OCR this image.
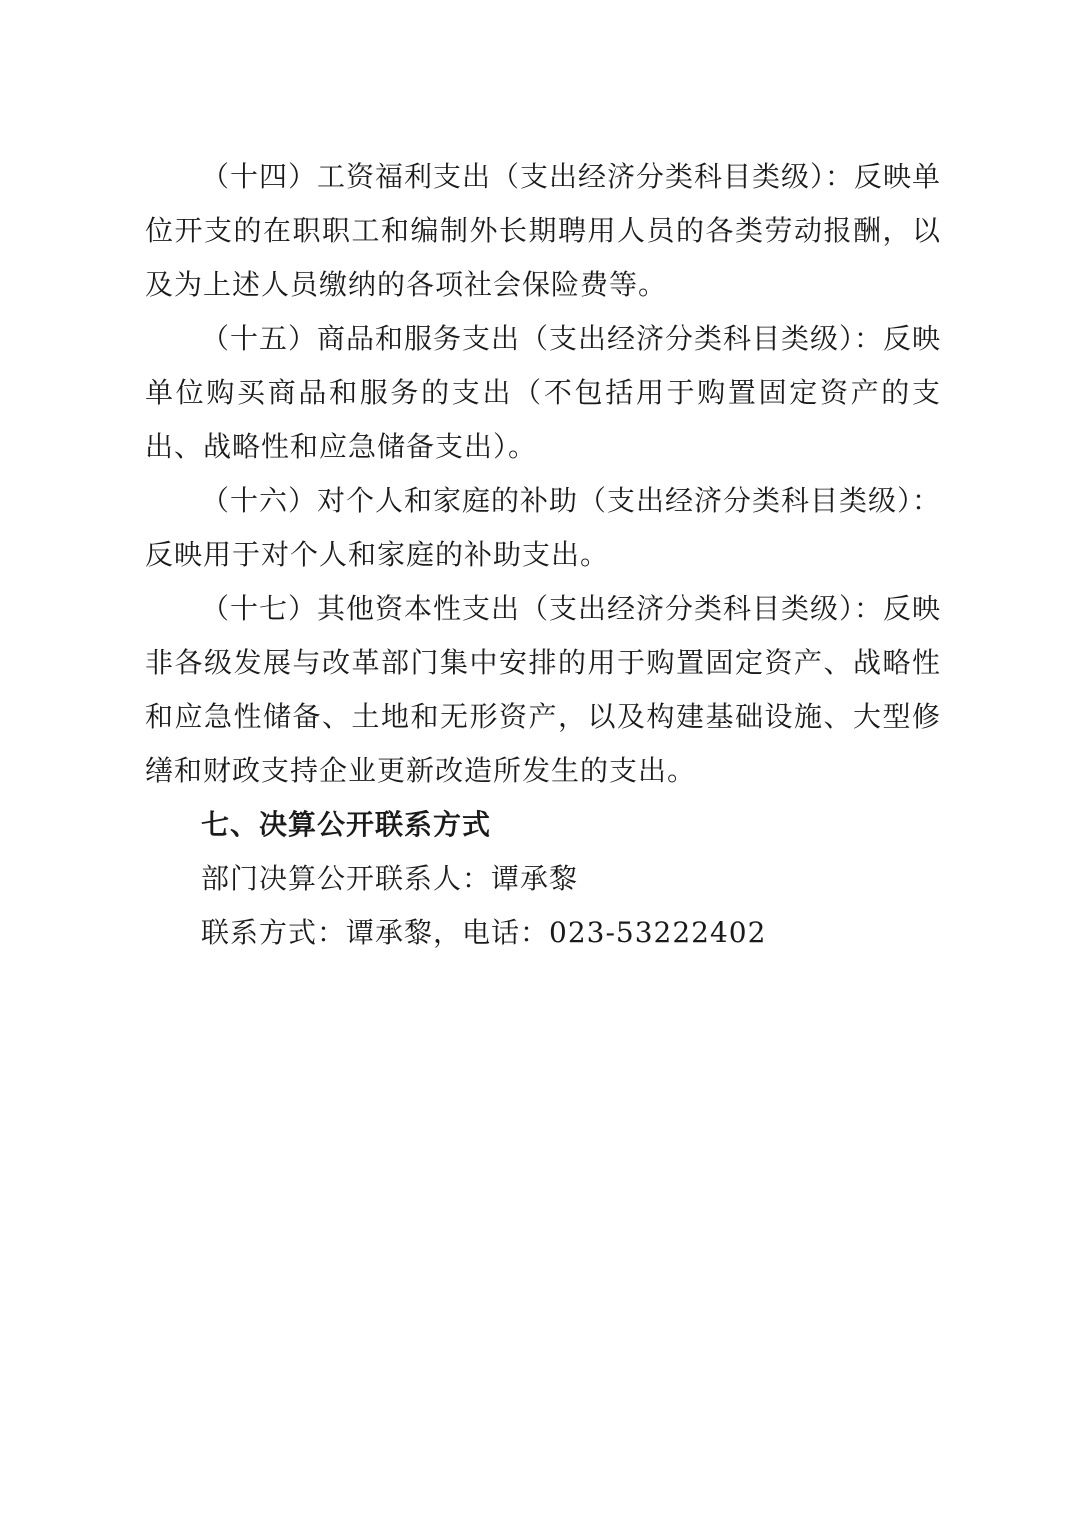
（十四）工资福利支出（支出经济分类科目类级）：反映单位开支的在职职工和编制外长期聘用人员的各类劳动报酬，以及为上述人员缴纳的各项社会保险费等。

（十五）商品和服务支出（支出经济分类科目类级）：反映单位购买商品和服务的支出（不包括用于购置固定资产的支出、战略性和应急储备支出）。

（十六）对个人和家庭的补助（支出经济分类科目类级）：反映用于对个人和家庭的补助支出。

（十七）其他资本性支出（支出经济分类科目类级）：反映非各级发展与改革部门集中安排的用于购置固定资产、战略性和应急性储备、土地和无形资产，以及构建基础设施、大型修缮和财政支持企业更新改造所发生的支出。

七、决算公开联系方式

部门决算公开联系人：谭承黎

联系方式：谭承黎，电话：023-53222402
